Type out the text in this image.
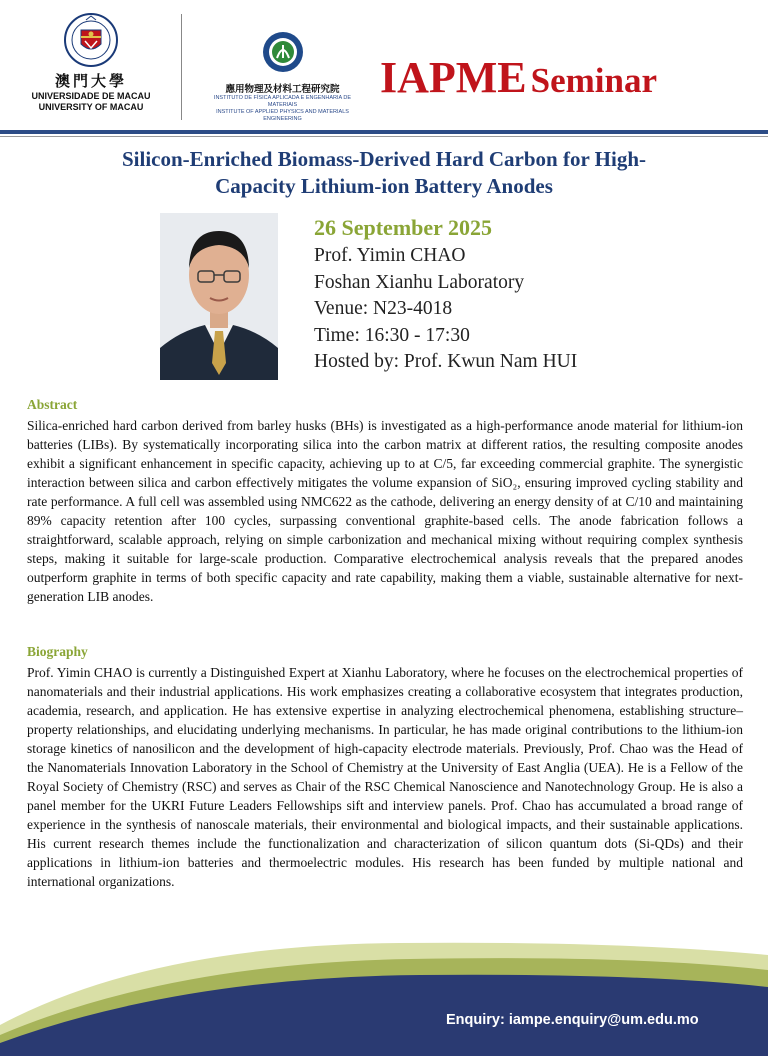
澳門大學
UNIVERSIDADE DE MACAU
UNIVERSITY OF MACAU
應用物理及材料工程研究院
INSTITUTO DE FÍSICA APLICADA E ENGENHARIA DE MATERIAIS
INSTITUTE OF APPLIED PHYSICS AND MATERIALS ENGINEERING
IAPME Seminar
Silicon-Enriched Biomass-Derived Hard Carbon for High-
Capacity Lithium-ion Battery Anodes
26 September 2025
Prof. Yimin CHAO
Foshan Xianhu Laboratory
Venue: N23-4018
Time: 16:30 - 17:30
Hosted by: Prof. Kwun Nam HUI
Abstract
Silica-enriched hard carbon derived from barley husks (BHs) is investigated as a high-performance anode material for lithium-ion batteries (LIBs). By systematically incorporating silica into the carbon matrix at different ratios, the resulting composite anodes exhibit a significant enhancement in specific capacity, achieving up to at C/5, far exceeding commercial graphite. The synergistic interaction between silica and carbon effectively mitigates the volume expansion of SiO₂, ensuring improved cycling stability and rate performance. A full cell was assembled using NMC622 as the cathode, delivering an energy density of at C/10 and maintaining 89% capacity retention after 100 cycles, surpassing conventional graphite-based cells. The anode fabrication follows a straightforward, scalable approach, relying on simple carbonization and mechanical mixing without requiring complex synthesis steps, making it suitable for large-scale production. Comparative electrochemical analysis reveals that the prepared anodes outperform graphite in terms of both specific capacity and rate capability, making them a viable, sustainable alternative for next-generation LIB anodes.
Biography
Prof. Yimin CHAO is currently a Distinguished Expert at Xianhu Laboratory, where he focuses on the electrochemical properties of nanomaterials and their industrial applications. His work emphasizes creating a collaborative ecosystem that integrates production, academia, research, and application. He has extensive expertise in analyzing electrochemical phenomena, establishing structure–property relationships, and elucidating underlying mechanisms. In particular, he has made original contributions to the lithium-ion storage kinetics of nanosilicon and the development of high-capacity electrode materials. Previously, Prof. Chao was the Head of the Nanomaterials Innovation Laboratory in the School of Chemistry at the University of East Anglia (UEA). He is a Fellow of the Royal Society of Chemistry (RSC) and serves as Chair of the RSC Chemical Nanoscience and Nanotechnology Group. He is also a panel member for the UKRI Future Leaders Fellowships sift and interview panels. Prof. Chao has accumulated a broad range of experience in the synthesis of nanoscale materials, their environmental and biological impacts, and their sustainable applications. His current research themes include the functionalization and characterization of silicon quantum dots (Si-QDs) and their applications in lithium-ion batteries and thermoelectric modules. His research has been funded by multiple national and international organizations.
Enquiry: iampe.enquiry@um.edu.mo
